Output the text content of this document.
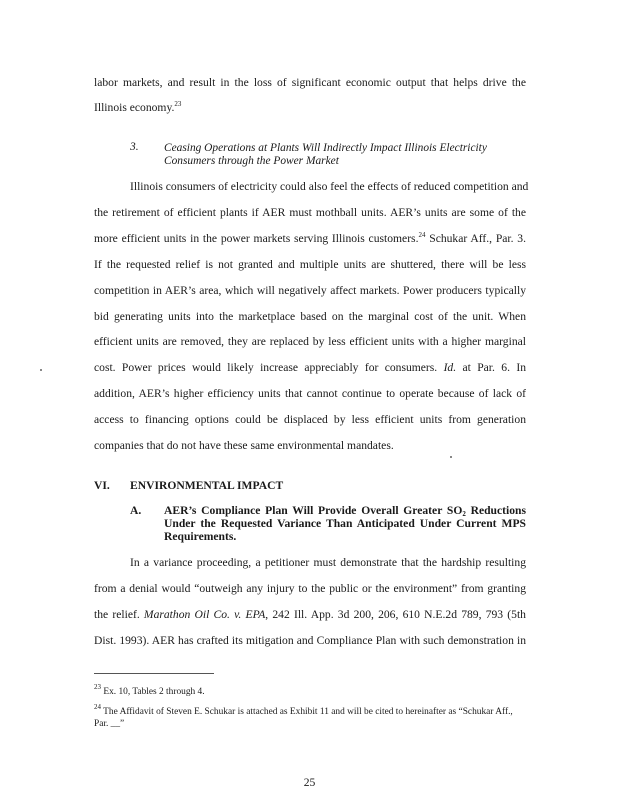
labor markets, and result in the loss of significant economic output that helps drive the
Illinois economy.$^{23}$
3. Ceasing Operations at Plants Will Indirectly Impact Illinois Electricity
Consumers through the Power Market
Illinois consumers of electricity could also feel the effects of reduced competition and
the retirement of efficient plants if AER must mothball units. AER’s units are some of the
more efficient units in the power markets serving Illinois customers.$^{24}$ Schukar Aff., Par. 3.
If the requested relief is not granted and multiple units are shuttered, there will be less
competition in AER’s area, which will negatively affect markets. Power producers typically
bid generating units into the marketplace based on the marginal cost of the unit. When
efficient units are removed, they are replaced by less efficient units with a higher marginal
cost. Power prices would likely increase appreciably for consumers. Id. at Par. 6. In
addition, AER’s higher efficiency units that cannot continue to operate because of lack of
access to financing options could be displaced by less efficient units from generation
companies that do not have these same environmental mandates.
VI. ENVIRONMENTAL IMPACT
A. AER’s Compliance Plan Will Provide Overall Greater $SO_2$ Reductions
Under the Requested Variance Than Anticipated Under Current MPS
Requirements.
In a variance proceeding, a petitioner must demonstrate that the hardship resulting
from a denial would “outweigh any injury to the public or the environment” from granting
the relief. Marathon Oil Co. v. EPA, 242 Ill. App. 3d 200, 206, 610 N.E.2d 789, 793 (5th
Dist. 1993). AER has crafted its mitigation and Compliance Plan with such demonstration in
$^{23}$ Ex. 10, Tables 2 through 4.
$^{24}$ The Affidavit of Steven E. Schukar is attached as Exhibit 11 and will be cited to hereinafter as “Schukar Aff.,
Par. __”
25
